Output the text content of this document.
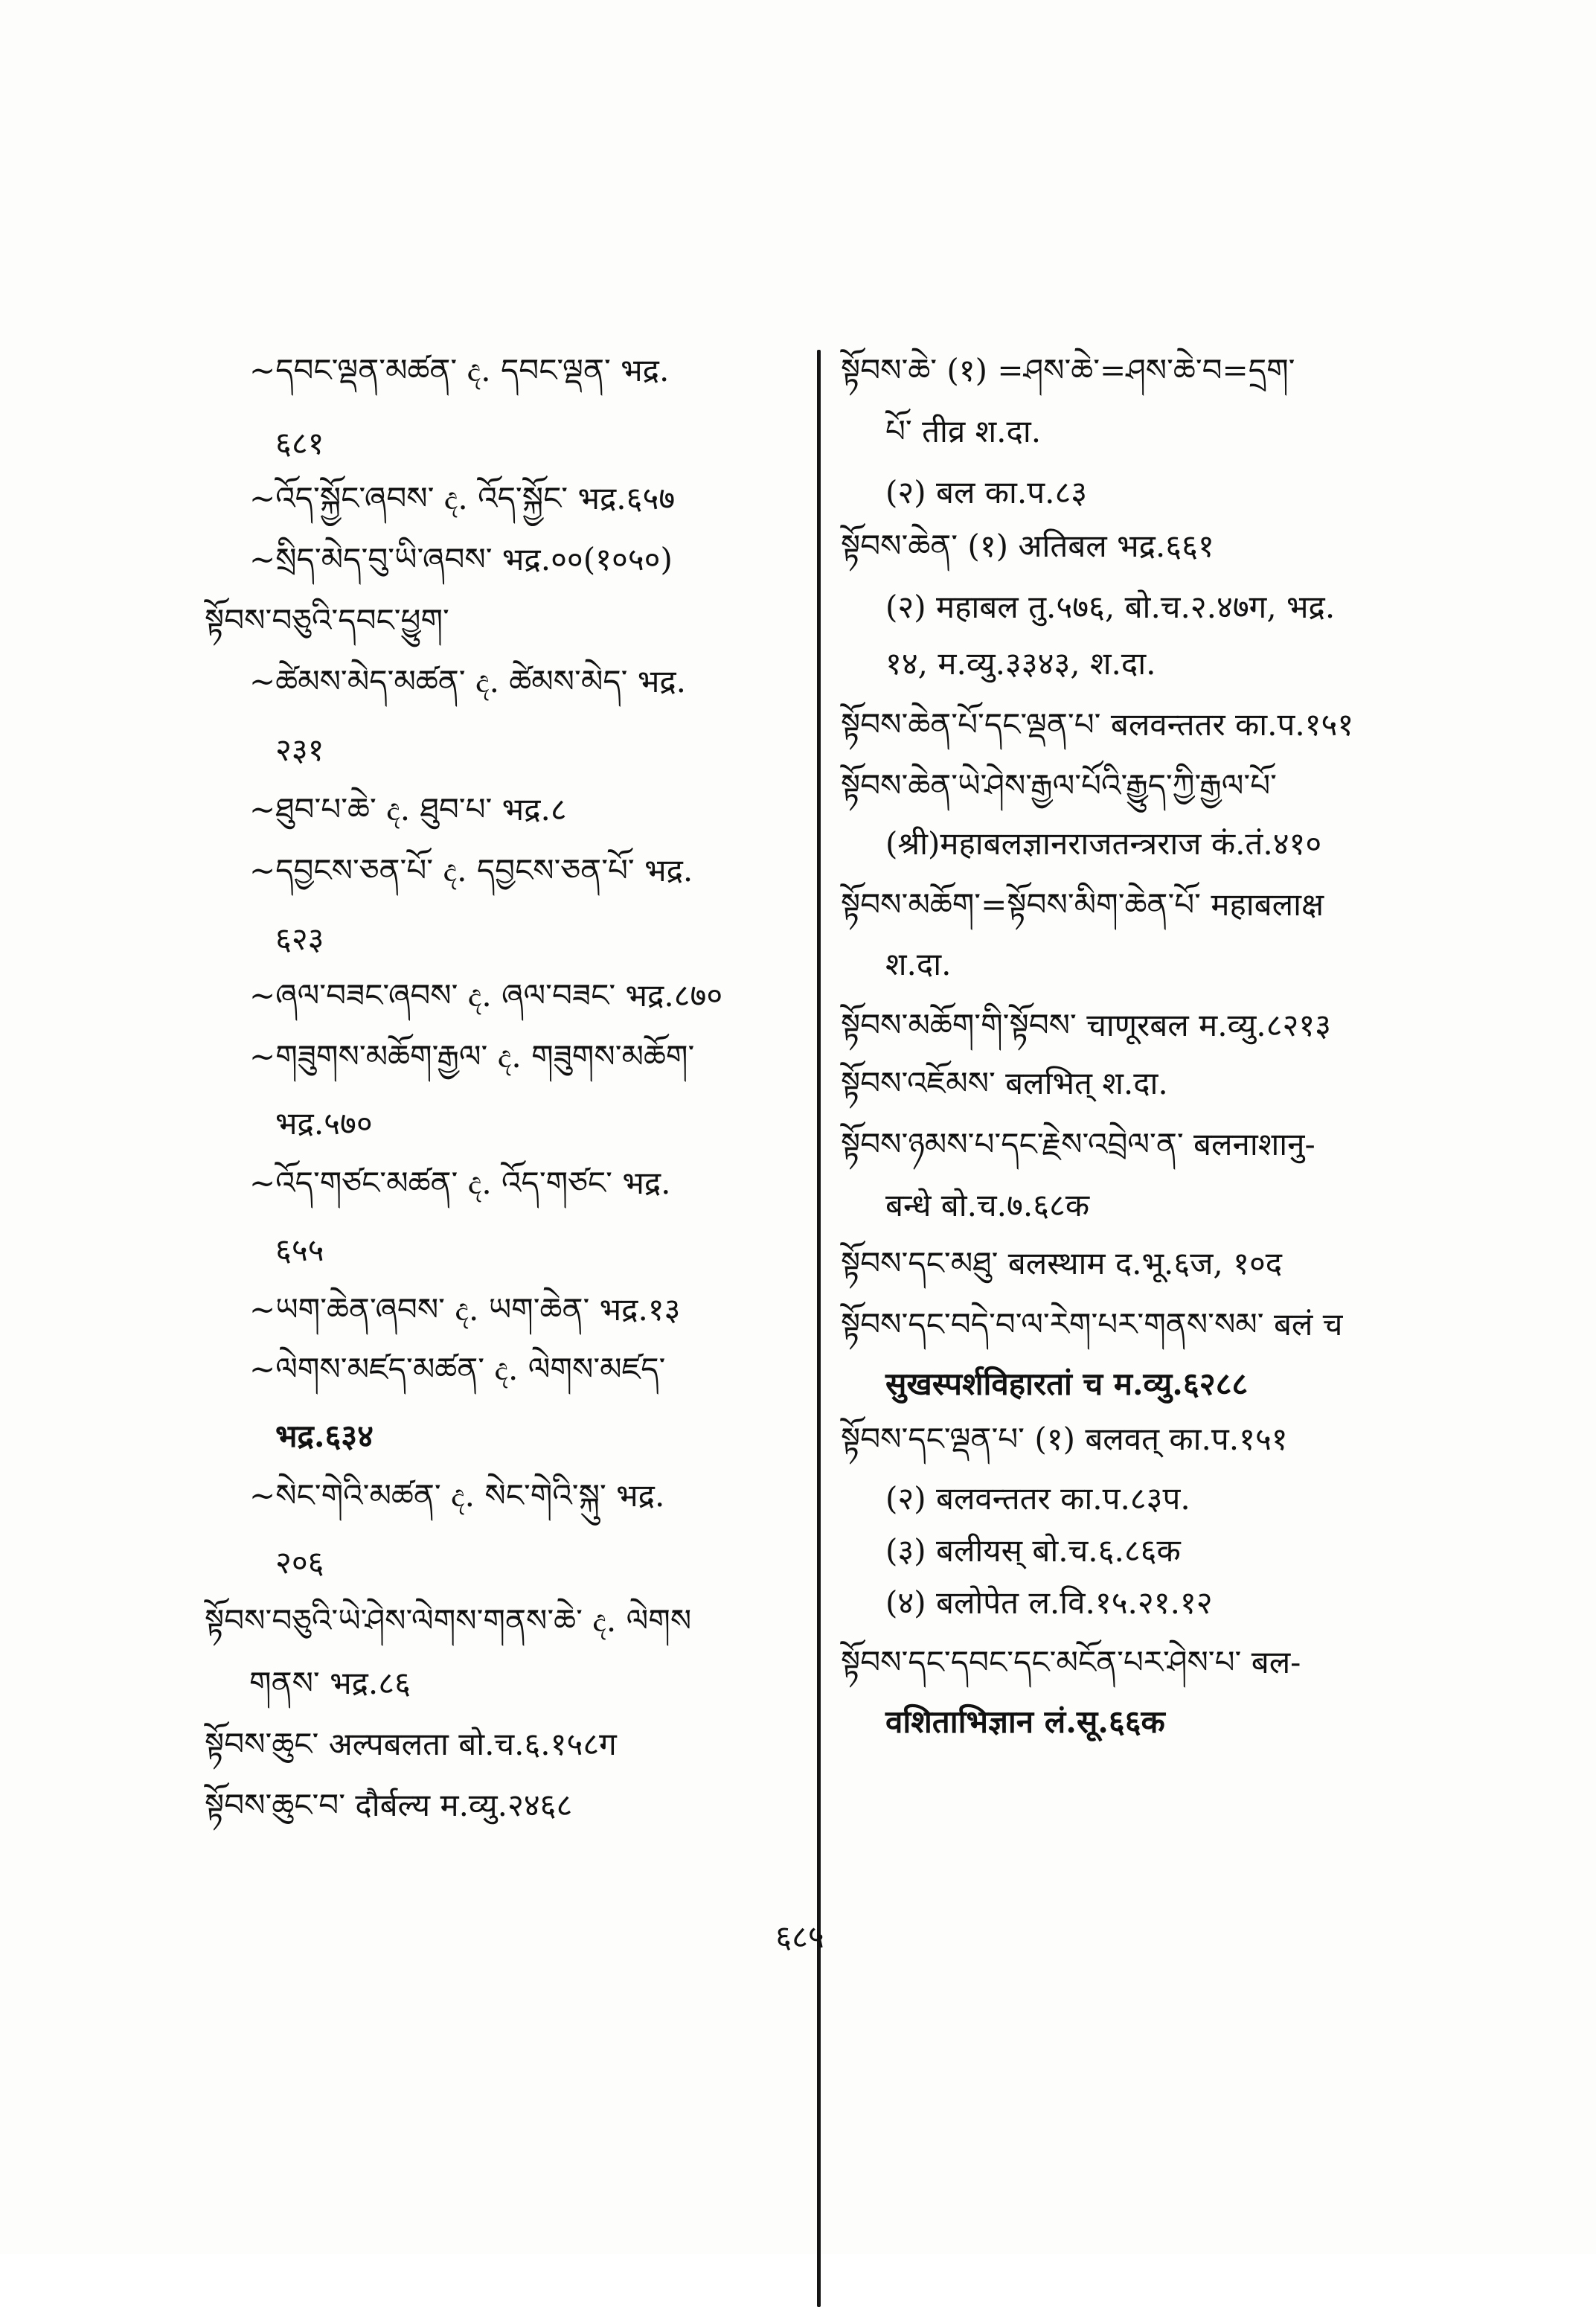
~དབང་ལྡན་མཚན་ ද. དབང་ལྡན་ भद्र.
६८१
~འོད་སྐྱོང་ཞབས་ ද. འོད་སྐྱོང་ भद्र.६५७
~སྲིད་མེད་བུ་ཡི་ཞབས་ भद्र.००(१०५०)
སྟོབས་བཅུའི་དབང་ཕྱུག་
~ཚེམས་མེད་མཚན་ ද. ཚེམས་མེད་ भद्र.
२३१
~ཐུབ་པ་ཆེ་ ද. ཐུབ་པ་ भद्र.८
~དབྱངས་ཅན་པོ་ ද. དབྱངས་ཅན་པོ་ भद्र.
६२३
~ཞལ་བཟང་ཞབས་ ද. ཞལ་བཟང་ भद्र.८७०
~གཟུགས་མཆོག་རྒྱལ་ ද. གཟུགས་མཆོག་
भद्र.५७०
~འོད་གཙང་མཚན་ ද. འོད་གཙང་ भद्र.
६५५
~ཡག་ཆེན་ཞབས་ ද. ཡག་ཆེན་ भद्र.१३
~ལེགས་མཛད་མཚན་ ද. ལེགས་མཛད་
भद्र.६३४
~སེང་གེའི་མཚན་ ද. སེང་གེའི་སྐུ་ भद्र.
२०६
སྟོབས་བཅུའི་ཡེ་ཤེས་ལེགས་གནས་ཆེ་ ද. ལེགས
གནས་ भद्र.८६
སྟོབས་ཆུང་ अल्पबलता बो.च.६.१५८ग
སྟོབས་ཆུང་བ་ दौर्बल्य म.व्यु.२४६८
སྟོབས་ཆེ་ (१) =ཤས་ཆེ་=ཤས་ཆེ་བ=དྲག་
པོ་ तीव्र श.दा.
(२) बल का.प.८३
སྟོབས་ཆེན་ (१) अतिबल भद्र.६६१
(२) महाबल तु.५७६, बो.च.२.४७ग, भद्र.
१४, म.व्यु.३३४३, श.दा.
སྟོབས་ཆེན་པོ་དང་ལྡན་པ་ बलवन्ततर का.प.१५१
སྟོབས་ཆེན་ཡེ་ཤེས་རྒྱལ་པོའི་རྒྱུད་ཀྱི་རྒྱལ་པོ་
(श्री)महाबलज्ञानराजतन्त्रराज कं.तं.४१०
སྟོབས་མཆོག་=སྟོབས་མིག་ཆེན་པོ་ महाबलाक्ष
श.दा.
སྟོབས་མཆོག་གི་སྟོབས་ चाणूरबल म.व्यु.८२१३
སྟོབས་འཇོམས་ बलभित् श.दा.
སྟོབས་ཉམས་པ་དང་རྗེས་འབྲེལ་ན་ बलनाशानु-
बन्धे बो.च.७.६८क
སྟོབས་དང་མཐུ་ बलस्थाम द.भू.६ज, १०द
སྟོབས་དང་བདེ་བ་ལ་རེག་པར་གནས་སམ་ बलं च
सुखस्पर्शविहारतां च म.व्यु.६२८८
སྟོབས་དང་ལྡན་པ་ (१) बलवत् का.प.१५१
(२) बलवन्ततर का.प.८३प.
(३) बलीयस् बो.च.६.८६क
(४) बलोपेत ल.वि.१५.२१.१२
སྟོབས་དང་དབང་དང་མངོན་པར་ཤེས་པ་ बल-
वशिताभिज्ञान लं.सू.६६क
६८५
